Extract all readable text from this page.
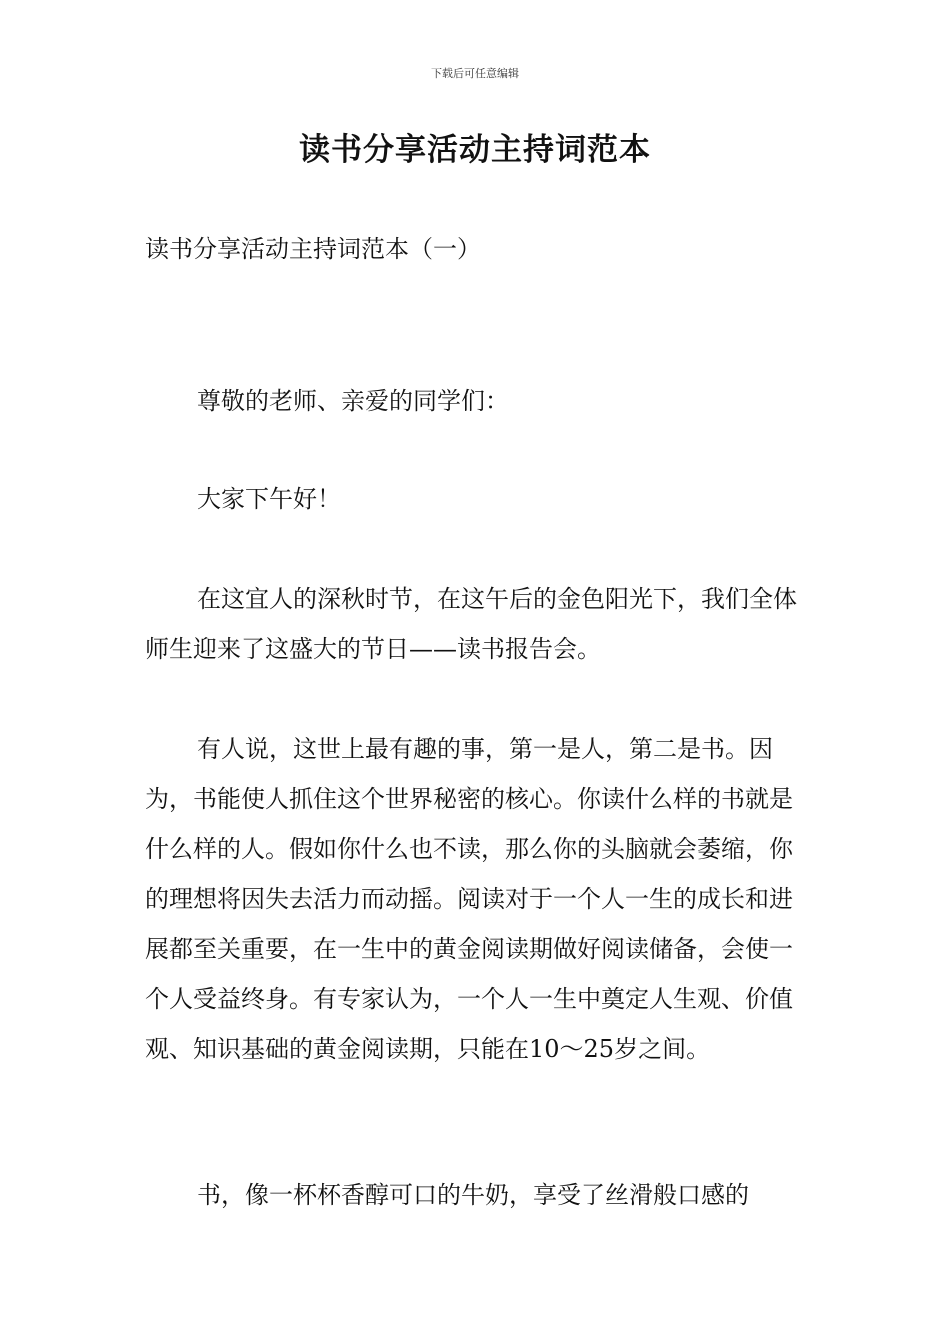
下载后可任意编辑
读书分享活动主持词范本

读书分享活动主持词范本（一）

尊敬的老师、亲爱的同学们：

大家下午好！

在这宜人的深秋时节，在这午后的金色阳光下，我们全体师生迎来了这盛大的节日——读书报告会。

有人说，这世上最有趣的事，第一是人，第二是书。因为，书能使人抓住这个世界秘密的核心。你读什么样的书就是什么样的人。假如你什么也不读，那么你的头脑就会萎缩，你的理想将因失去活力而动摇。阅读对于一个人一生的成长和进展都至关重要，在一生中的黄金阅读期做好阅读储备，会使一个人受益终身。有专家认为，一个人一生中奠定人生观、价值观、知识基础的黄金阅读期，只能在10～25岁之间。

书，像一杯杯香醇可口的牛奶，享受了丝滑般口感的
